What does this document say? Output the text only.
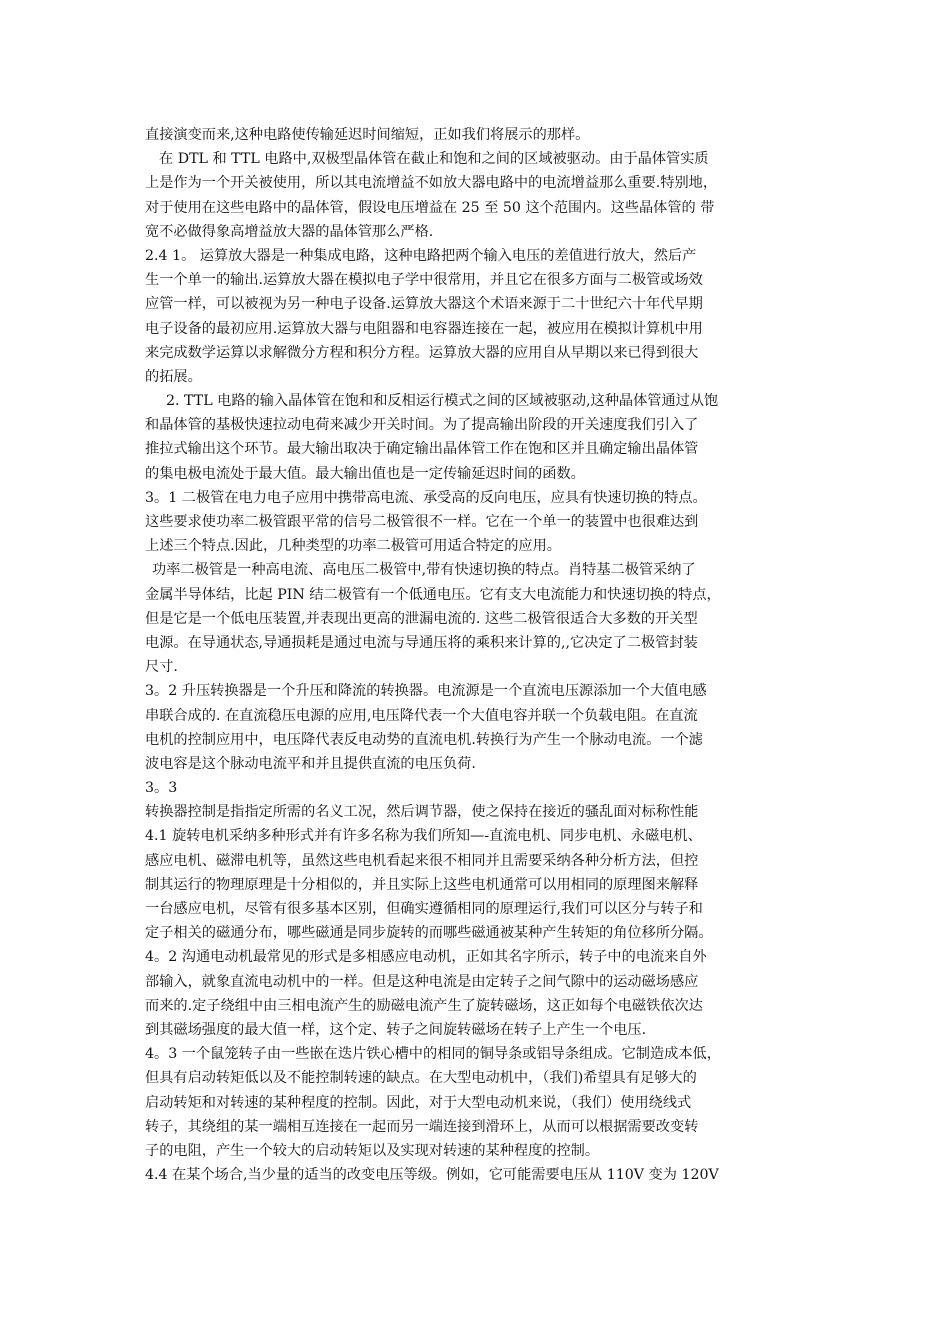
直接演变而来,这种电路使传输延迟时间缩短，正如我们将展示的那样。
在 DTL 和 TTL 电路中,双极型晶体管在截止和饱和之间的区域被驱动。由于晶体管实质
上是作为一个开关被使用，所以其电流增益不如放大器电路中的电流增益那么重要.特别地，
对于使用在这些电路中的晶体管，假设电压增益在 25 至 50 这个范围内。这些晶体管的 带
宽不必做得象高增益放大器的晶体管那么严格.
2.4 1。 运算放大器是一种集成电路，这种电路把两个输入电压的差值进行放大，然后产
生一个单一的输出.运算放大器在模拟电子学中很常用，并且它在很多方面与二极管或场效
应管一样，可以被视为另一种电子设备.运算放大器这个术语来源于二十世纪六十年代早期
电子设备的最初应用.运算放大器与电阻器和电容器连接在一起，被应用在模拟计算机中用
来完成数学运算以求解微分方程和积分方程。运算放大器的应用自从早期以来已得到很大
的拓展。
2. TTL 电路的输入晶体管在饱和和反相运行模式之间的区域被驱动,这种晶体管通过从饱
和晶体管的基极快速拉动电荷来减少开关时间。为了提高输出阶段的开关速度我们引入了
推拉式输出这个环节。最大输出取决于确定输出晶体管工作在饱和区并且确定输出晶体管
的集电极电流处于最大值。最大输出值也是一定传输延迟时间的函数。
3。1 二极管在电力电子应用中携带高电流、承受高的反向电压，应具有快速切换的特点。
这些要求使功率二极管跟平常的信号二极管很不一样。它在一个单一的装置中也很难达到
上述三个特点.因此，几种类型的功率二极管可用适合特定的应用。
功率二极管是一种高电流、高电压二极管中,带有快速切换的特点。肖特基二极管采纳了
金属半导体结，比起 PIN 结二极管有一个低通电压。它有支大电流能力和快速切换的特点，
但是它是一个低电压装置,并表现出更高的泄漏电流的. 这些二极管很适合大多数的开关型
电源。在导通状态,导通损耗是通过电流与导通压将的乘积来计算的,,它决定了二极管封装
尺寸.
3。2 升压转换器是一个升压和降流的转换器。电流源是一个直流电压源添加一个大值电感
串联合成的. 在直流稳压电源的应用,电压降代表一个大值电容并联一个负载电阻。在直流
电机的控制应用中，电压降代表反电动势的直流电机.转换行为产生一个脉动电流。一个滤
波电容是这个脉动电流平和并且提供直流的电压负荷.
3。3
转换器控制是指指定所需的名义工况，然后调节器，使之保持在接近的骚乱面对标称性能
4.1 旋转电机采纳多种形式并有许多名称为我们所知—-直流电机、同步电机、永磁电机、
感应电机、磁滞电机等，虽然这些电机看起来很不相同并且需要采纳各种分析方法，但控
制其运行的物理原理是十分相似的，并且实际上这些电机通常可以用相同的原理图来解释
一台感应电机，尽管有很多基本区别，但确实遵循相同的原理运行,我们可以区分与转子和
定子相关的磁通分布，哪些磁通是同步旋转的而哪些磁通被某种产生转矩的角位移所分隔。
4。2 沟通电动机最常见的形式是多相感应电动机，正如其名字所示，转子中的电流来自外
部输入，就象直流电动机中的一样。但是这种电流是由定转子之间气隙中的运动磁场感应
而来的.定子绕组中由三相电流产生的励磁电流产生了旋转磁场，这正如每个电磁铁依次达
到其磁场强度的最大值一样，这个定、转子之间旋转磁场在转子上产生一个电压.
4。3 一个鼠笼转子由一些嵌在迭片铁心槽中的相同的铜导条或铝导条组成。它制造成本低，
但具有启动转矩低以及不能控制转速的缺点。在大型电动机中，（我们)希望具有足够大的
启动转矩和对转速的某种程度的控制。因此，对于大型电动机来说，（我们）使用绕线式
转子，其绕组的某一端相互连接在一起而另一端连接到滑环上，从而可以根据需要改变转
子的电阻，产生一个较大的启动转矩以及实现对转速的某种程度的控制。
4.4 在某个场合,当少量的适当的改变电压等级。例如，它可能需要电压从 110V 变为 120V
